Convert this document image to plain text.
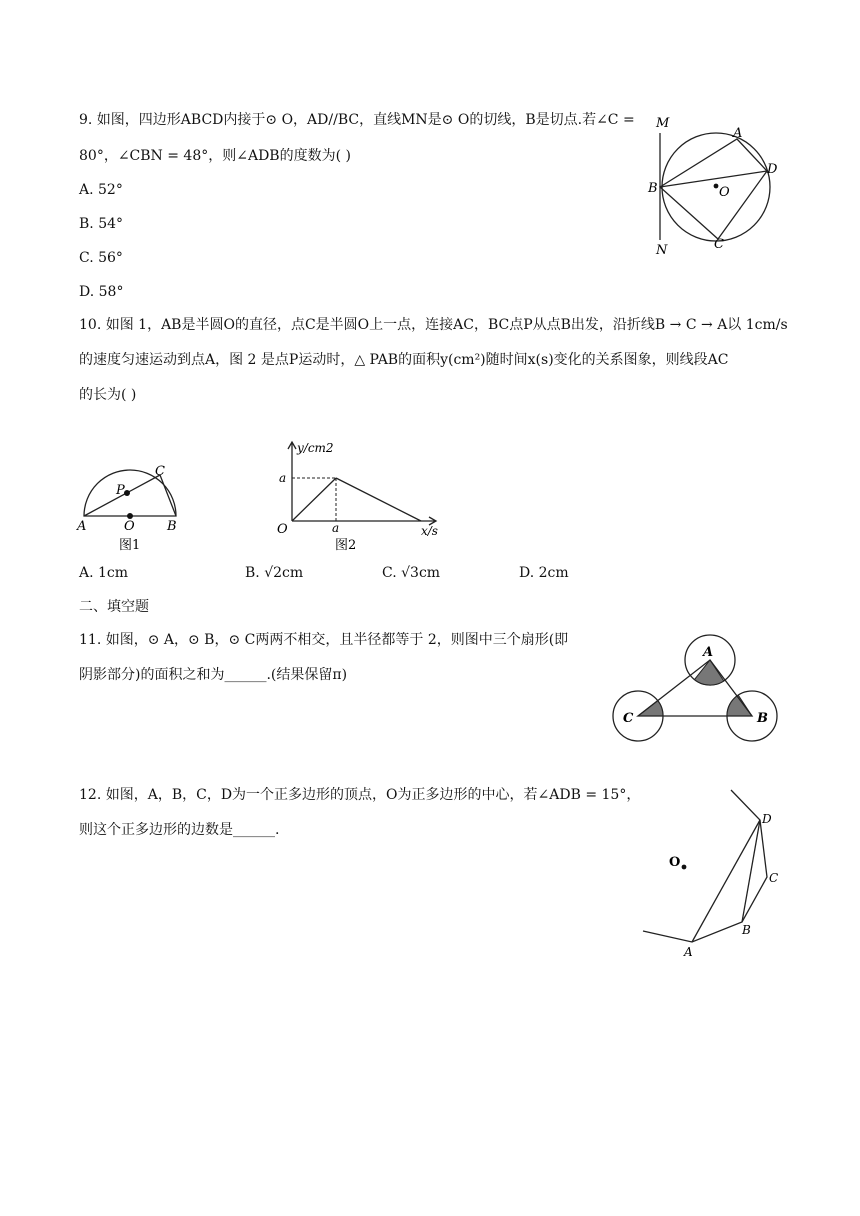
9. 如图，四边形ABCD内接于⊙ O，AD//BC，直线MN是⊙ O的切线，B是切点.若∠C =
80°，∠CBN = 48°，则∠ADB的度数为( )
A. 52°
B. 54°
C. 56°
D. 58°
M
A
D
B	O
N	C
10. 如图 1，AB是半圆O的直径，点C是半圆O上一点，连接AC，BC点P从点B出发，沿折线B → C → A以 1cm/s
的速度匀速运动到点A，图 2 是点P运动时，△ PAB的面积y(cm²)随时间x(s)变化的关系图象，则线段AC
的长为( )
C
P
A	O B
图1
y/cm2
a
O	a	x/s
图2
A. 1cm	B. √2cm	C. √3cm	D. 2cm
二、填空题
11. 如图，⊙ A，⊙ B，⊙ C两两不相交，且半径都等于 2，则图中三个扇形(即
阴影部分)的面积之和为______.(结果保留π)
A
C	B
12. 如图，A，B，C，D为一个正多边形的顶点，O为正多边形的中心，若∠ADB = 15°，
则这个正多边形的边数是______.
O
D
C
B
A
